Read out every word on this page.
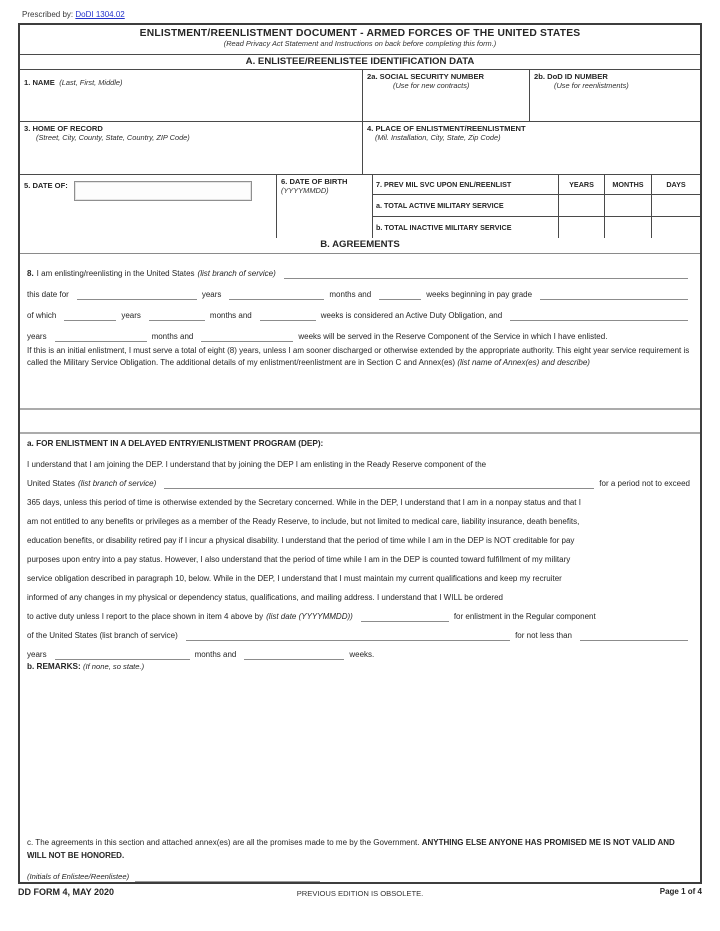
Prescribed by: DoDI 1304.02
ENLISTMENT/REENLISTMENT DOCUMENT - ARMED FORCES OF THE UNITED STATES
(Read Privacy Act Statement and Instructions on back before completing this form.)
A. ENLISTEE/REENLISTEE IDENTIFICATION DATA
1. NAME (Last, First, Middle)
2a. SOCIAL SECURITY NUMBER
(Use for new contracts)
2b. DoD ID NUMBER
(Use for reenlistments)
3. HOME OF RECORD
(Street, City, County, State, Country, ZIP Code)
4. PLACE OF ENLISTMENT/REENLISTMENT
(Mil. Installation, City, State, Zip Code)
5. DATE OF:	6. DATE OF BIRTH
(YYYYMMDD)
7. PREV MIL SVC UPON ENL/REENLIST	YEARS	MONTHS	DAYS
a. TOTAL ACTIVE MILITARY SERVICE
b. TOTAL INACTIVE MILITARY SERVICE
B. AGREEMENTS
8. I am enlisting/reenlisting in the United States (list branch of service)
this date for	years	months and	weeks beginning in pay grade
of which	years	months and	weeks is considered an Active Duty Obligation, and
years	months and	weeks will be served in the Reserve Component of the Service in which I have enlisted.
If this is an initial enlistment, I must serve a total of eight (8) years, unless I am sooner discharged or otherwise extended by the appropriate authority. This eight year service requirement is called the Military Service Obligation. The additional details of my enlistment/reenlistment are in Section C and Annex(es) (list name of Annex(es) and describe)
a. FOR ENLISTMENT IN A DELAYED ENTRY/ENLISTMENT PROGRAM (DEP):
I understand that I am joining the DEP. I understand that by joining the DEP I am enlisting in the Ready Reserve component of the
United States (list branch of service)	for a period not to exceed
365 days, unless this period of time is otherwise extended by the Secretary concerned. While in the DEP, I understand that I am in a nonpay status and that I
am not entitled to any benefits or privileges as a member of the Ready Reserve, to include, but not limited to medical care, liability insurance, death benefits,
education benefits, or disability retired pay if I incur a physical disability. I understand that the period of time while I am in the DEP is NOT creditable for pay
purposes upon entry into a pay status. However, I also understand that the period of time while I am in the DEP is counted toward fulfillment of my military
service obligation described in paragraph 10, below. While in the DEP, I understand that I must maintain my current qualifications and keep my recruiter
informed of any changes in my physical or dependency status, qualifications, and mailing address. I understand that I WILL be ordered
to active duty unless I report to the place shown in item 4 above by (list date (YYYYMMDD))	for enlistment in the Regular component
of the United States (list branch of service)	for not less than
years	months and	weeks.
b. REMARKS: (If none, so state.)
c. The agreements in this section and attached annex(es) are all the promises made to me by the Government. ANYTHING ELSE ANYONE HAS PROMISED ME IS NOT VALID AND WILL NOT BE HONORED.
(Initials of Enlistee/Reenlistee)
DD FORM 4, MAY 2020	PREVIOUS EDITION IS OBSOLETE.	Page 1 of 4
